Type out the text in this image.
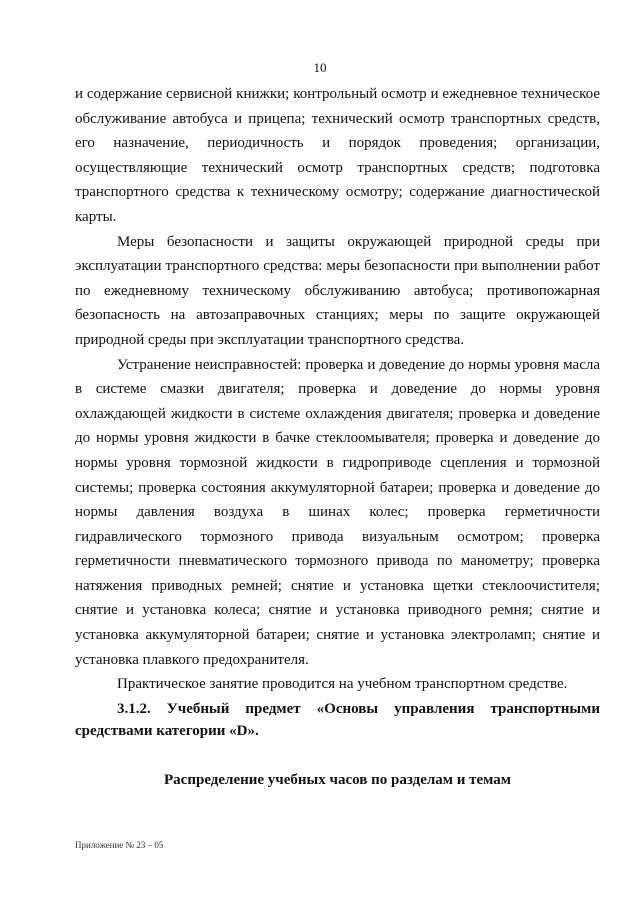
10

и содержание сервисной книжки; контрольный осмотр и ежедневное техническое обслуживание автобуса и прицепа; технический осмотр транспортных средств, его назначение, периодичность и порядок проведения; организации, осуществляющие технический осмотр транспортных средств; подготовка транспортного средства к техническому осмотру; содержание диагностической карты.

Меры безопасности и защиты окружающей природной среды при эксплуатации транспортного средства: меры безопасности при выполнении работ по ежедневному техническому обслуживанию автобуса; противопожарная безопасность на автозаправочных станциях; меры по защите окружающей природной среды при эксплуатации транспортного средства.

Устранение неисправностей: проверка и доведение до нормы уровня масла в системе смазки двигателя; проверка и доведение до нормы уровня охлаждающей жидкости в системе охлаждения двигателя; проверка и доведение до нормы уровня жидкости в бачке стеклоомывателя; проверка и доведение до нормы уровня тормозной жидкости в гидроприводе сцепления и тормозной системы; проверка состояния аккумуляторной батареи; проверка и доведение до нормы давления воздуха в шинах колес; проверка герметичности гидравлического тормозного привода визуальным осмотром; проверка герметичности пневматического тормозного привода по манометру; проверка натяжения приводных ремней; снятие и установка щетки стеклоочистителя; снятие и установка колеса; снятие и установка приводного ремня; снятие и установка аккумуляторной батареи; снятие и установка электроламп; снятие и установка плавкого предохранителя.

Практическое занятие проводится на учебном транспортном средстве.

3.1.2. Учебный предмет «Основы управления транспортными средствами категории «D».

Распределение учебных часов по разделам и темам

Приложение № 23 – 05
